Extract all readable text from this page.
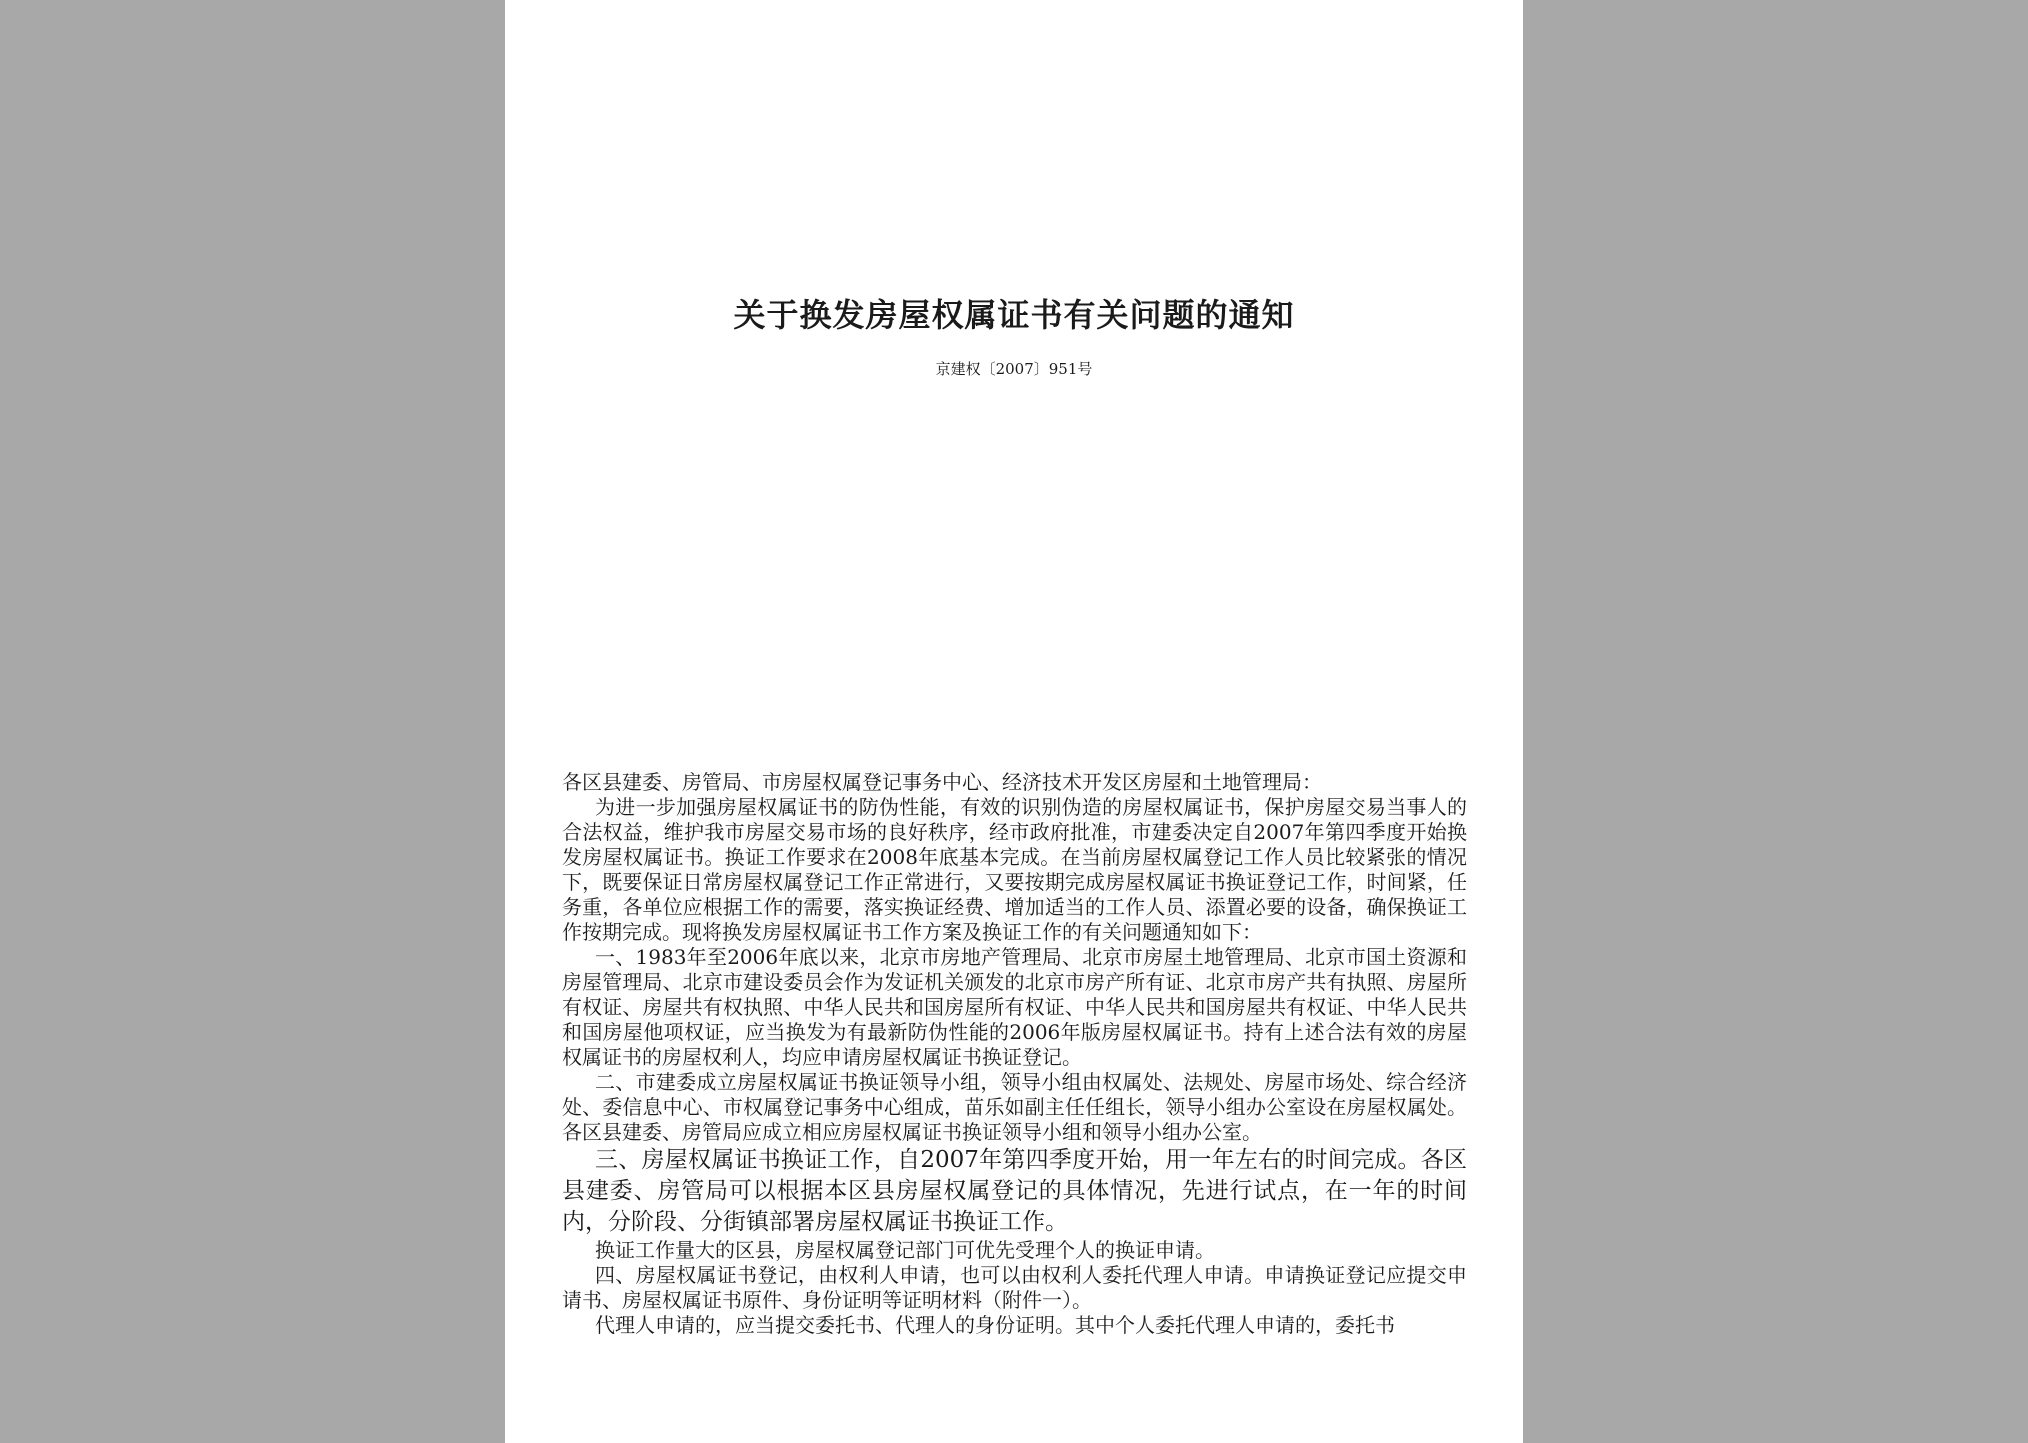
关于换发房屋权属证书有关问题的通知
京建权〔2007〕951号

各区县建委、房管局、市房屋权属登记事务中心、经济技术开发区房屋和土地管理局：

为进一步加强房屋权属证书的防伪性能，有效的识别伪造的房屋权属证书，保护房屋交易当事人的合法权益，维护我市房屋交易市场的良好秩序，经市政府批准，市建委决定自2007年第四季度开始换发房屋权属证书。换证工作要求在2008年底基本完成。在当前房屋权属登记工作人员比较紧张的情况下，既要保证日常房屋权属登记工作正常进行，又要按期完成房屋权属证书换证登记工作，时间紧，任务重，各单位应根据工作的需要，落实换证经费、增加适当的工作人员、添置必要的设备，确保换证工作按期完成。现将换发房屋权属证书工作方案及换证工作的有关问题通知如下：

一、1983年至2006年底以来，北京市房地产管理局、北京市房屋土地管理局、北京市国土资源和房屋管理局、北京市建设委员会作为发证机关颁发的北京市房产所有证、北京市房产共有执照、房屋所有权证、房屋共有权执照、中华人民共和国房屋所有权证、中华人民共和国房屋共有权证、中华人民共和国房屋他项权证，应当换发为有最新防伪性能的2006年版房屋权属证书。持有上述合法有效的房屋权属证书的房屋权利人，均应申请房屋权属证书换证登记。

二、市建委成立房屋权属证书换证领导小组，领导小组由权属处、法规处、房屋市场处、综合经济处、委信息中心、市权属登记事务中心组成，苗乐如副主任任组长，领导小组办公室设在房屋权属处。各区县建委、房管局应成立相应房屋权属证书换证领导小组和领导小组办公室。

三、房屋权属证书换证工作，自2007年第四季度开始，用一年左右的时间完成。各区县建委、房管局可以根据本区县房屋权属登记的具体情况，先进行试点，在一年的时间内，分阶段、分街镇部署房屋权属证书换证工作。

换证工作量大的区县，房屋权属登记部门可优先受理个人的换证申请。

四、房屋权属证书登记，由权利人申请，也可以由权利人委托代理人申请。申请换证登记应提交申请书、房屋权属证书原件、身份证明等证明材料（附件一）。

代理人申请的，应当提交委托书、代理人的身份证明。其中个人委托代理人申请的，委托书
